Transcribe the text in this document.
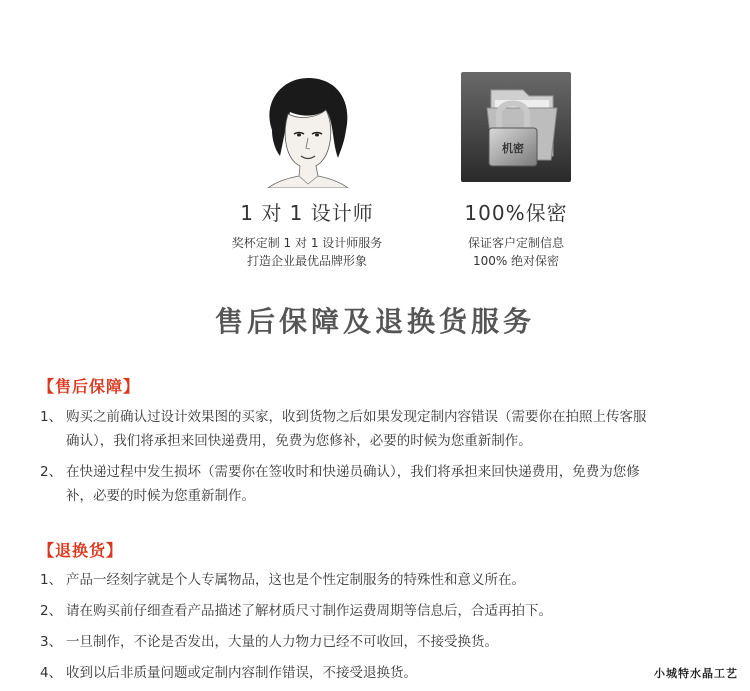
1 对 1 设计师
奖杯定制 1 对 1 设计师服务
打造企业最优品牌形象
机密
100%保密
保证客户定制信息
100% 绝对保密
售后保障及退换货服务
【售后保障】
1、 购买之前确认过设计效果图的买家，收到货物之后如果发现定制内容错误（需要你在拍照上传客服
确认），我们将承担来回快递费用，免费为您修补，必要的时候为您重新制作。
2、 在快递过程中发生损坏（需要你在签收时和快递员确认），我们将承担来回快递费用，免费为您修
补，必要的时候为您重新制作。
【退换货】
1、 产品一经刻字就是个人专属物品，这也是个性定制服务的特殊性和意义所在。
2、 请在购买前仔细查看产品描述了解材质尺寸制作运费周期等信息后，合适再拍下。
3、 一旦制作，不论是否发出，大量的人力物力已经不可收回，不接受换货。
4、 收到以后非质量问题或定制内容制作错误，不接受退换货。	小城特水晶工艺
